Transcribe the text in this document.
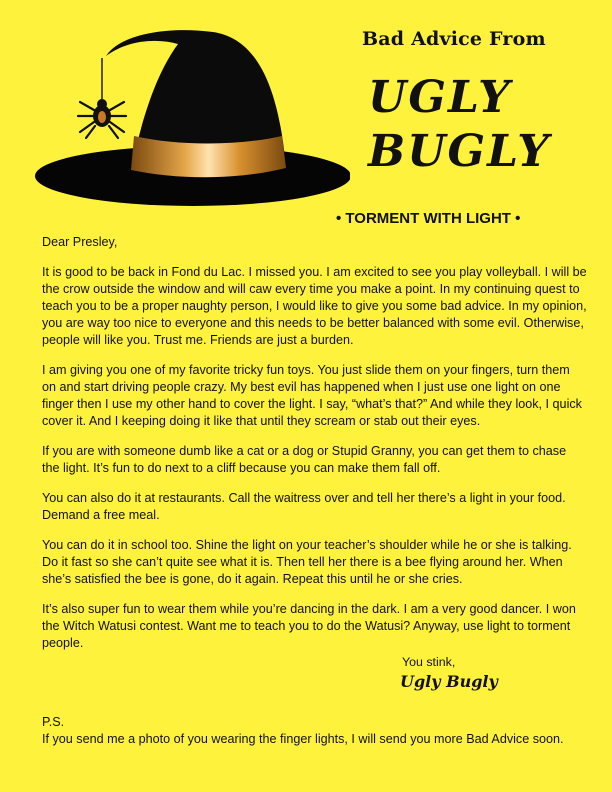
Bad Advice From
UGLY
BUGLY
• TORMENT WITH LIGHT •

Dear Presley,

It is good to be back in Fond du Lac. I missed you. I am excited to see you play volleyball. I will be the crow outside the window and will caw every time you make a point. In my continuing quest to teach you to be a proper naughty person, I would like to give you some bad advice. In my opinion, you are way too nice to everyone and this needs to be better balanced with some evil. Otherwise, people will like you. Trust me. Friends are just a burden.

I am giving you one of my favorite tricky fun toys. You just slide them on your fingers, turn them on and start driving people crazy. My best evil has happened when I just use one light on one finger then I use my other hand to cover the light. I say, “what’s that?” And while they look, I quick cover it. And I keeping doing it like that until they scream or stab out their eyes.

If you are with someone dumb like a cat or a dog or Stupid Granny, you can get them to chase the light. It’s fun to do next to a cliff because you can make them fall off.

You can also do it at restaurants. Call the waitress over and tell her there’s a light in your food. Demand a free meal.

You can do it in school too. Shine the light on your teacher’s shoulder while he or she is talking. Do it fast so she can’t quite see what it is. Then tell her there is a bee flying around her. When she’s satisfied the bee is gone, do it again. Repeat this until he or she cries.

It’s also super fun to wear them while you’re dancing in the dark. I am a very good dancer. I won the Witch Watusi contest. Want me to teach you to do the Watusi? Anyway, use light to torment people.

You stink,
Ugly Bugly

P.S.

If you send me a photo of you wearing the finger lights, I will send you more Bad Advice soon.
